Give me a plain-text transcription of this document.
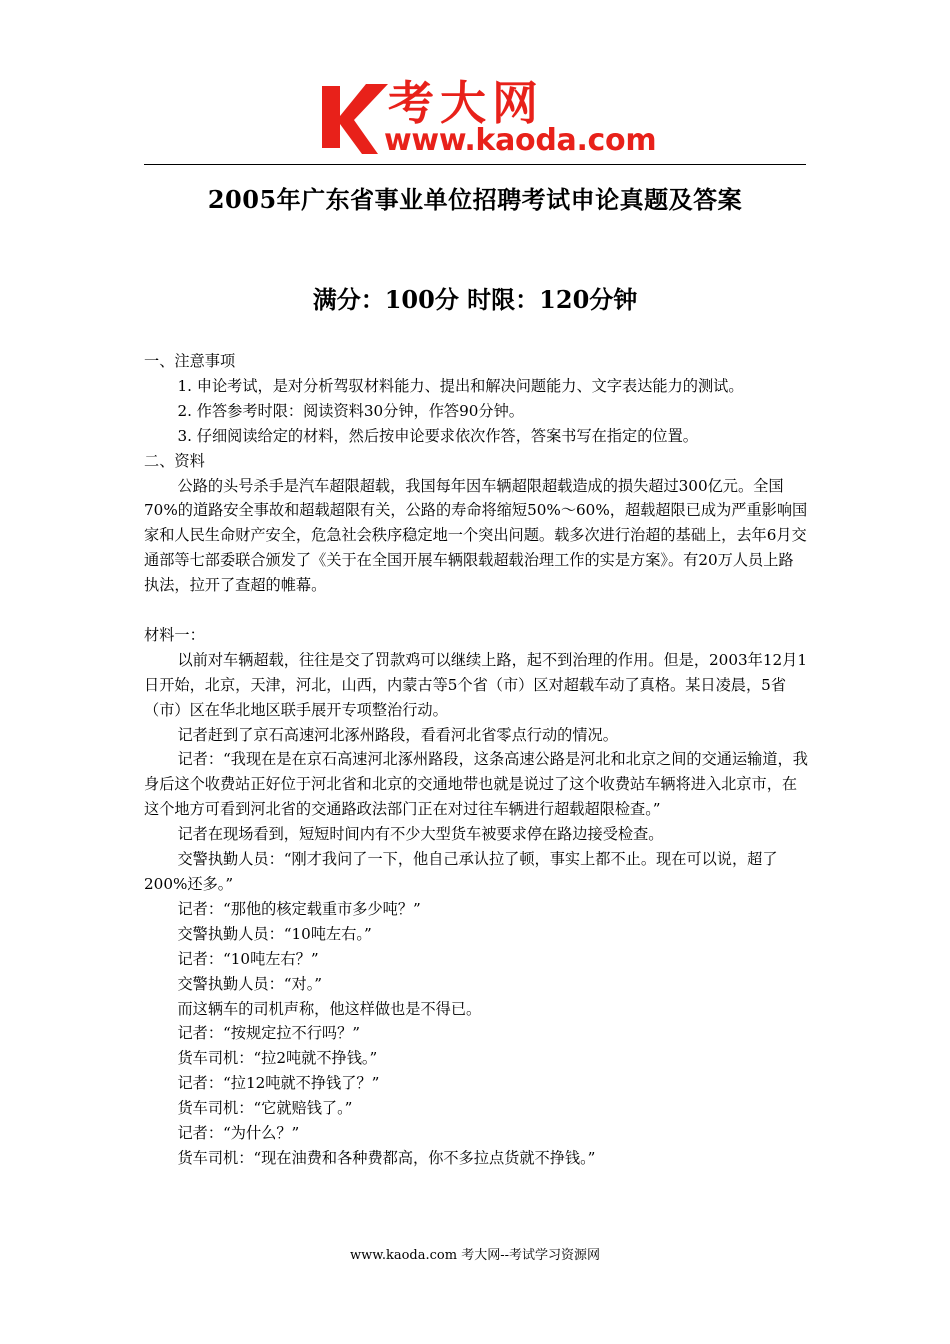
考大网
www.kaoda.com
2005年广东省事业单位招聘考试申论真题及答案
满分：100分 时限：120分钟

一、注意事项

1. 申论考试，是对分析驾驭材料能力、提出和解决问题能力、文字表达能力的测试。

2. 作答参考时限：阅读资料30分钟，作答90分钟。

3. 仔细阅读给定的材料，然后按申论要求依次作答，答案书写在指定的位置。

二、资料

公路的头号杀手是汽车超限超载，我国每年因车辆超限超载造成的损失超过300亿元。全国70%的道路安全事故和超载超限有关，公路的寿命将缩短50%～60%，超载超限已成为严重影响国家和人民生命财产安全，危急社会秩序稳定地一个突出问题。载多次进行治超的基础上，去年6月交通部等七部委联合颁发了《关于在全国开展车辆限载超载治理工作的实是方案》。有20万人员上路执法，拉开了查超的帷幕。

材料一：

以前对车辆超载，往往是交了罚款鸡可以继续上路，起不到治理的作用。但是，2003年12月1日开始，北京，天津，河北，山西，内蒙古等5个省（市）区对超载车动了真格。某日凌晨，5省（市）区在华北地区联手展开专项整治行动。

记者赶到了京石高速河北涿州路段，看看河北省零点行动的情况。

记者：“我现在是在京石高速河北涿州路段，这条高速公路是河北和北京之间的交通运输道，我身后这个收费站正好位于河北省和北京的交通地带也就是说过了这个收费站车辆将进入北京市，在这个地方可看到河北省的交通路政法部门正在对过往车辆进行超载超限检查。”

记者在现场看到，短短时间内有不少大型货车被要求停在路边接受检查。

交警执勤人员：“刚才我问了一下，他自己承认拉了顿，事实上都不止。现在可以说，超了200%还多。”

记者：“那他的核定载重市多少吨？”

交警执勤人员：“10吨左右。”

记者：“10吨左右？”

交警执勤人员：“对。”

而这辆车的司机声称，他这样做也是不得已。

记者：“按规定拉不行吗？”

货车司机：“拉2吨就不挣钱。”

记者：“拉12吨就不挣钱了？”

货车司机：“它就赔钱了。”

记者：“为什么？”

货车司机：“现在油费和各种费都高，你不多拉点货就不挣钱。”

www.kaoda.com 考大网--考试学习资源网
